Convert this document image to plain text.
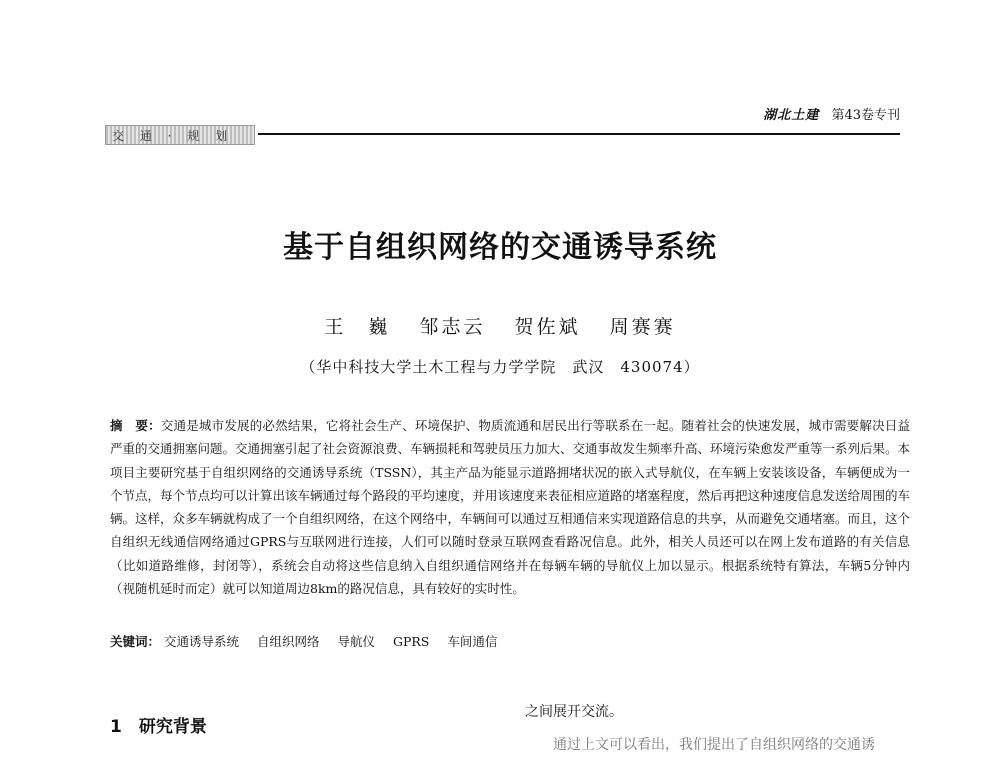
交 通 · 规 划
湖北土建 第43卷专刊
基于自组织网络的交通诱导系统
王　巍 邹志云 贺佐斌 周赛赛
（华中科技大学土木工程与力学学院　武汉　430074）
摘　要：交通是城市发展的必然结果，它将社会生产、环境保护、物质流通和居民出行等联系在一起。随着社会的快速发展，城市需要解决日益严重的交通拥塞问题。交通拥塞引起了社会资源浪费、车辆损耗和驾驶员压力加大、交通事故发生频率升高、环境污染愈发严重等一系列后果。本项目主要研究基于自组织网络的交通诱导系统（TSSN），其主产品为能显示道路拥堵状况的嵌入式导航仪，在车辆上安装该设备，车辆便成为一个节点，每个节点均可以计算出该车辆通过每个路段的平均速度，并用该速度来表征相应道路的堵塞程度，然后再把这种速度信息发送给周围的车辆。这样，众多车辆就构成了一个自组织网络，在这个网络中，车辆间可以通过互相通信来实现道路信息的共享，从而避免交通堵塞。而且，这个自组织无线通信网络通过GPRS与互联网进行连接，人们可以随时登录互联网查看路况信息。此外，相关人员还可以在网上发布道路的有关信息（比如道路维修，封闭等），系统会自动将这些信息纳入自组织通信网络并在每辆车辆的导航仪上加以显示。根据系统特有算法，车辆5分钟内（视随机延时而定）就可以知道周边8km的路况信息，具有较好的实时性。
关键词： 交通诱导系统 自组织网络 导航仪 GPRS 车间通信
1　研究背景
之间展开交流。
通过上文可以看出，我们提出了自组织网络的交通诱
